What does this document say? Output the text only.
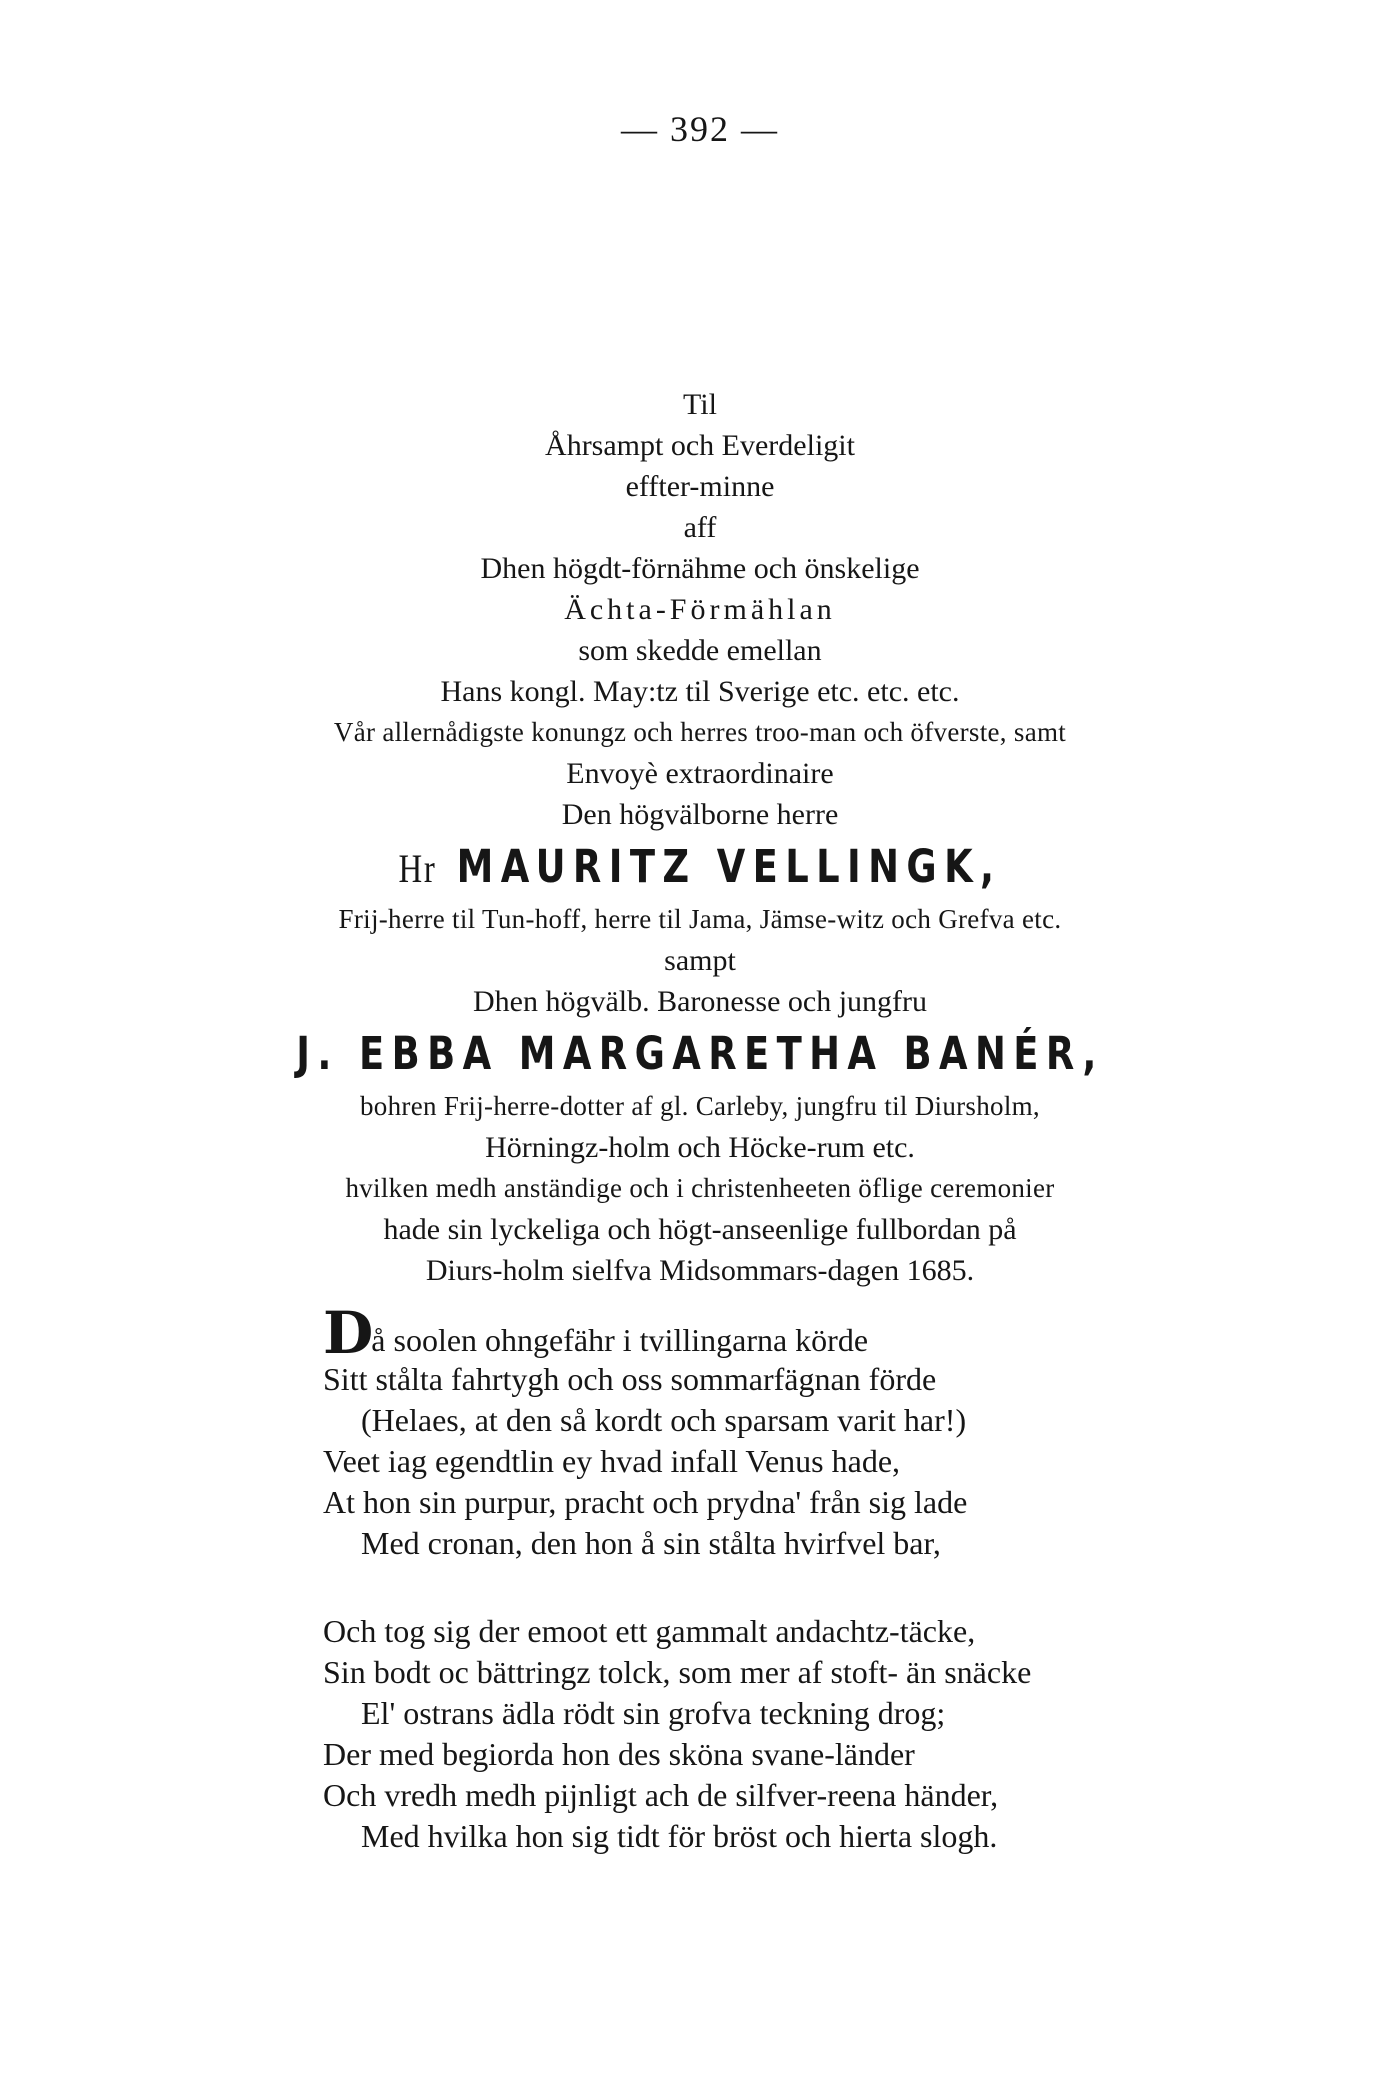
— 392 —
Til
Åhrsampt och Everdeligit
effter-minne
aff
Dhen högdt-förnähme och önskelige
Ächta-Förmählan
som skedde emellan
Hans kongl. May:tz til Sverige etc. etc. etc.
Vår allernådigste konungz och herres troo-man och öfverste, samt
Envoyè extraordinaire
Den högvälborne herre
Hr MAURITZ VELLINGK,
Frij-herre til Tun-hoff, herre til Jama, Jämse-witz och Grefva etc.
sampt
Dhen högvälb. Baronesse och jungfru
J. EBBA MARGARETHA BANÉR,
bohren Frij-herre-dotter af gl. Carleby, jungfru til Diursholm,
Hörningz-holm och Höcke-rum etc.
hvilken medh anständige och i christenheeten öflige ceremonier
hade sin lyckeliga och högt-anseenlige fullbordan på
Diurs-holm sielfva Midsommars-dagen 1685.
Då soolen ohngefähr i tvillingarna körde
Sitt stålta fahrtygh och oss sommarfägnan förde
(Helaes, at den så kordt och sparsam varit har!)
Veet iag egendtlin ey hvad infall Venus hade,
At hon sin purpur, pracht och prydna' från sig lade
Med cronan, den hon å sin stålta hvirfvel bar,
Och tog sig der emoot ett gammalt andachtz-täcke,
Sin bodt oc bättringz tolck, som mer af stoft- än snäcke
El' ostrans ädla rödt sin grofva teckning drog;
Der med begiorda hon des sköna svane-länder
Och vredh medh pijnligt ach de silfver-reena händer,
Med hvilka hon sig tidt för bröst och hierta slogh.
